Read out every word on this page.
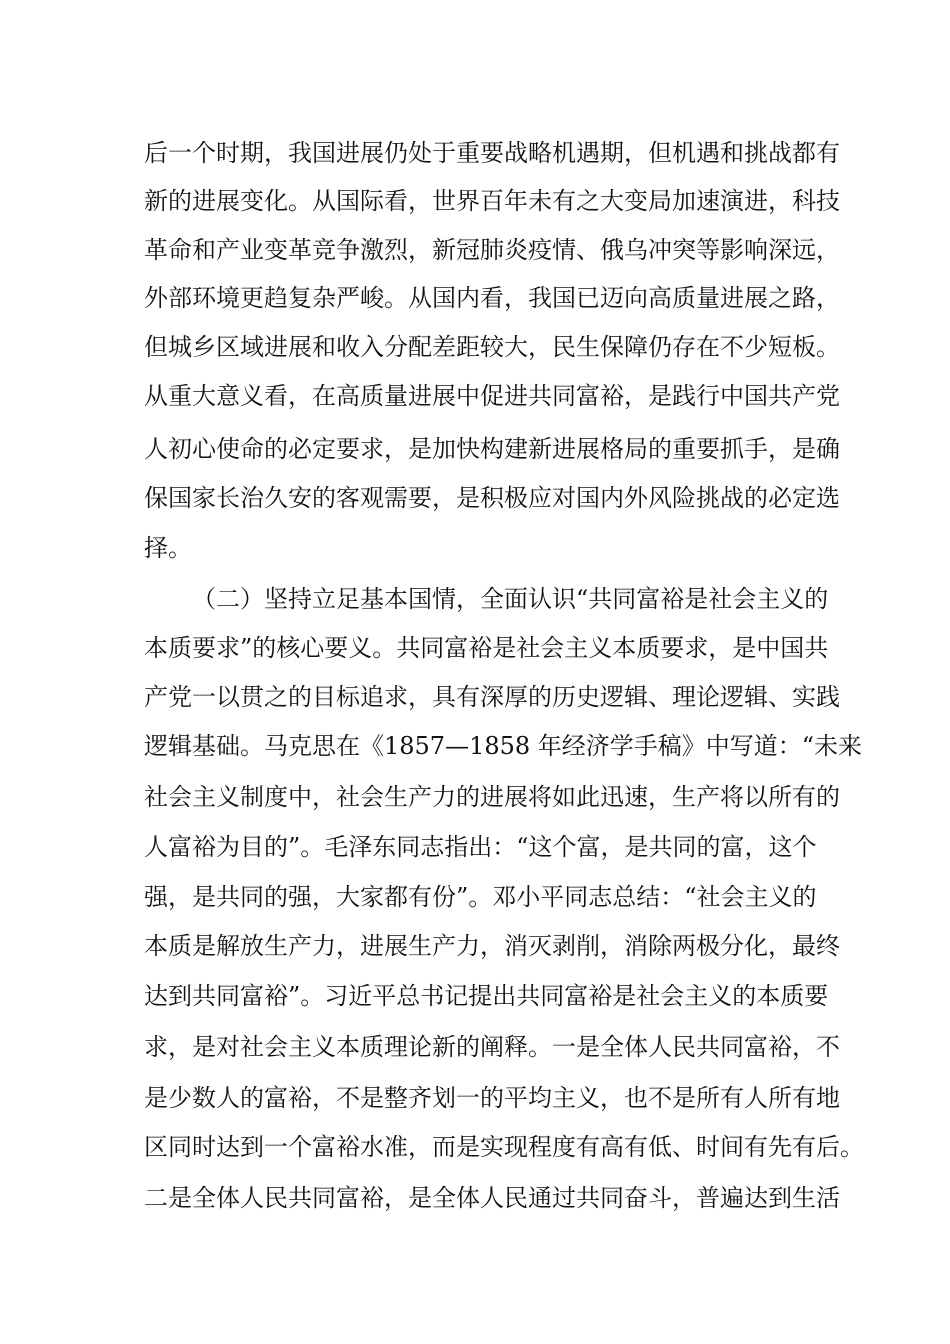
后一个时期，我国进展仍处于重要战略机遇期，但机遇和挑战都有
新的进展变化。从国际看，世界百年未有之大变局加速演进，科技
革命和产业变革竞争激烈，新冠肺炎疫情、俄乌冲突等影响深远，
外部环境更趋复杂严峻。从国内看，我国已迈向高质量进展之路，
但城乡区域进展和收入分配差距较大，民生保障仍存在不少短板。
从重大意义看，在高质量进展中促进共同富裕，是践行中国共产党
人初心使命的必定要求，是加快构建新进展格局的重要抓手，是确
保国家长治久安的客观需要，是积极应对国内外风险挑战的必定选
择。
（二）坚持立足基本国情，全面认识“共同富裕是社会主义的
本质要求”的核心要义。共同富裕是社会主义本质要求，是中国共
产党一以贯之的目标追求，具有深厚的历史逻辑、理论逻辑、实践
逻辑基础。马克思在《1857—1858 年经济学手稿》中写道：“未来
社会主义制度中，社会生产力的进展将如此迅速，生产将以所有的
人富裕为目的”。毛泽东同志指出：“这个富，是共同的富，这个
强，是共同的强，大家都有份”。邓小平同志总结：“社会主义的
本质是解放生产力，进展生产力，消灭剥削，消除两极分化，最终
达到共同富裕”。习近平总书记提出共同富裕是社会主义的本质要
求，是对社会主义本质理论新的阐释。一是全体人民共同富裕，不
是少数人的富裕，不是整齐划一的平均主义，也不是所有人所有地
区同时达到一个富裕水准，而是实现程度有高有低、时间有先有后。
二是全体人民共同富裕，是全体人民通过共同奋斗，普遍达到生活
